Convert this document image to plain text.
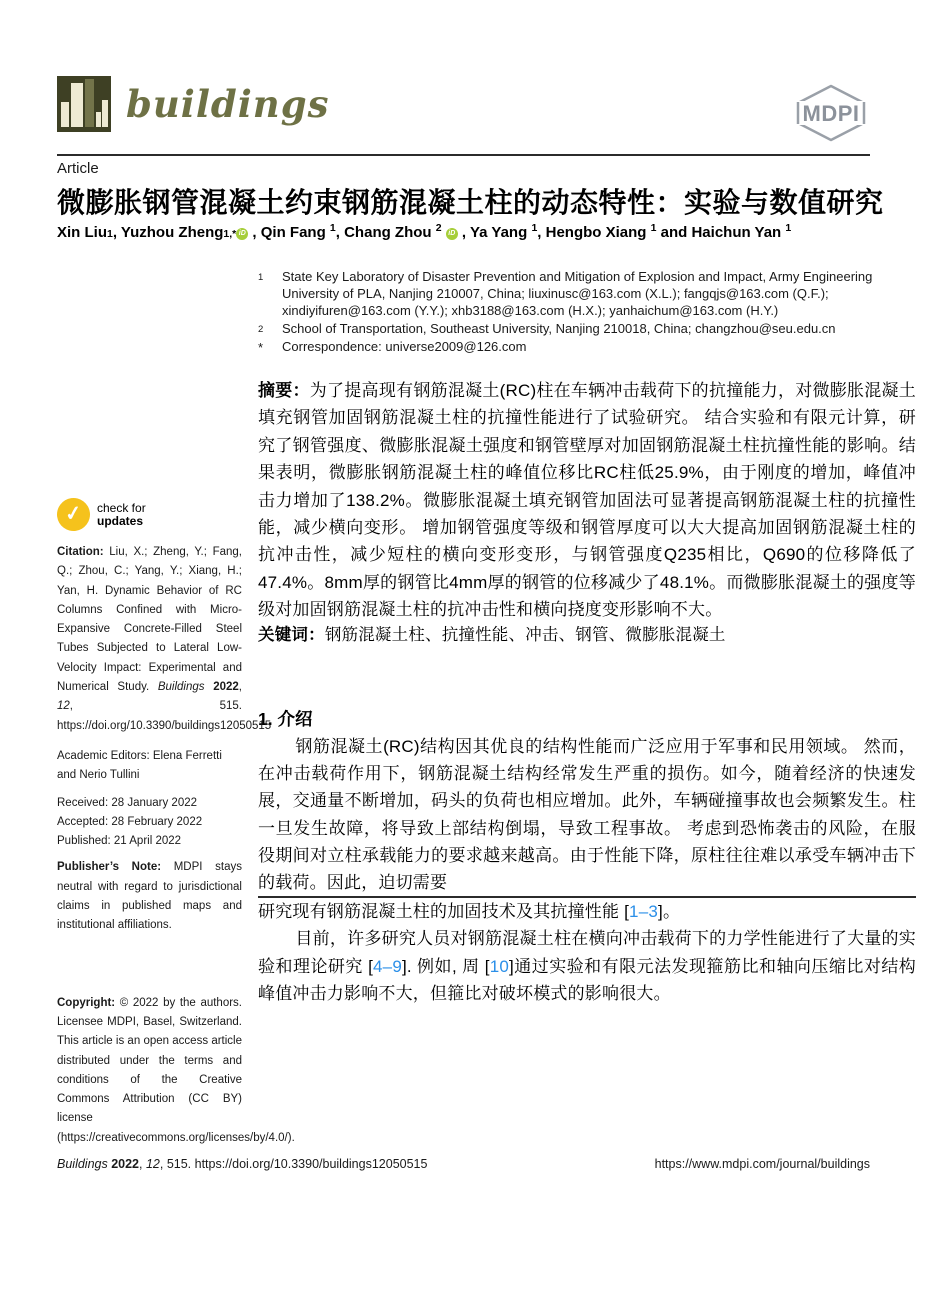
buildings	MDPI
Article
微膨胀钢管混凝土约束钢筋混凝土柱的动态特性：实验与数值研究
Xin Liu1, Yuzhou Zheng1,* iD , Qin Fang $^1$, Chang Zhou $^2$ iD , Ya Yang $^1$, Hengbo Xiang $^1$ and Haichun Yan $^1$
1	State Key Laboratory of Disaster Prevention and Mitigation of Explosion and Impact, Army Engineering University of PLA, Nanjing 210007, China; liuxinusc@163.com (X.L.); fangqjs@163.com (Q.F.); xindiyifuren@163.com (Y.Y.); xhb3188@163.com (H.X.); yanhaichum@163.com (H.Y.)
2	School of Transportation, Southeast University, Nanjing 210018, China; changzhou@seu.edu.cn
*	Correspondence: universe2009@126.com
摘要：为了提高现有钢筋混凝土(RC)柱在车辆冲击载荷下的抗撞能力，对微膨胀混凝土填充钢管加固钢筋混凝土柱的抗撞性能进行了试验研究。 结合实验和有限元计算，研究了钢管强度、微膨胀混凝土强度和钢管壁厚对加固钢筋混凝土柱抗撞性能的影响。结果表明，微膨胀钢筋混凝土柱的峰值位移比RC柱低25.9%，由于刚度的增加，峰值冲击力增加了138.2%。微膨胀混凝土填充钢管加固法可显著提高钢筋混凝土柱的抗撞性能，减少横向变形。 增加钢管强度等级和钢管厚度可以大大提高加固钢筋混凝土柱的抗冲击性，减少短柱的横向变形变形，与钢管强度Q235相比，Q690的位移降低了47.4%。8mm厚的钢管比4mm厚的钢管的位移减少了48.1%。而微膨胀混凝土的强度等级对加固钢筋混凝土柱的抗冲击性和横向挠度变形影响不大。
关键词：钢筋混凝土柱、抗撞性能、冲击、钢管、微膨胀混凝土
1. 介绍
钢筋混凝土(RC)结构因其优良的结构性能而广泛应用于军事和民用领域。 然而，在冲击载荷作用下，钢筋混凝土结构经常发生严重的损伤。如今，随着经济的快速发展，交通量不断增加，码头的负荷也相应增加。此外，车辆碰撞事故也会频繁发生。柱一旦发生故障，将导致上部结构倒塌，导致工程事故。 考虑到恐怖袭击的风险，在服役期间对立柱承载能力的要求越来越高。由于性能下降，原柱往往难以承受车辆冲击下的载荷。因此，迫切需要
研究现有钢筋混凝土柱的加固技术及其抗撞性能 [1–3]。
目前，许多研究人员对钢筋混凝土柱在横向冲击载荷下的力学性能进行了大量的实验和理论研究 [4–9]. 例如, 周 [10]通过实验和有限元法发现箍筋比和轴向压缩比对结构峰值冲击力影响不大，但箍比对破坏模式的影响很大。
✓	check for
updates
Citation: Liu, X.; Zheng, Y.; Fang, Q.; Zhou, C.; Yang, Y.; Xiang, H.; Yan, H. Dynamic Behavior of RC Columns Confined with Micro-Expansive Concrete-Filled Steel Tubes Subjected to Lateral Low-Velocity Impact: Experimental and Numerical Study. Buildings 2022, 12, 515. https://doi.org/10.3390/buildings12050515
Academic Editors: Elena Ferretti and Nerio Tullini
Received: 28 January 2022
Accepted: 28 February 2022
Published: 21 April 2022
Publisher’s Note: MDPI stays neutral with regard to jurisdictional claims in published maps and institutional affiliations.
Copyright: © 2022 by the authors. Licensee MDPI, Basel, Switzerland. This article is an open access article distributed under the terms and conditions of the Creative Commons Attribution (CC BY) license (https://creativecommons.org/licenses/by/4.0/).
Buildings 2022, 12, 515. https://doi.org/10.3390/buildings12050515	https://www.mdpi.com/journal/buildings
